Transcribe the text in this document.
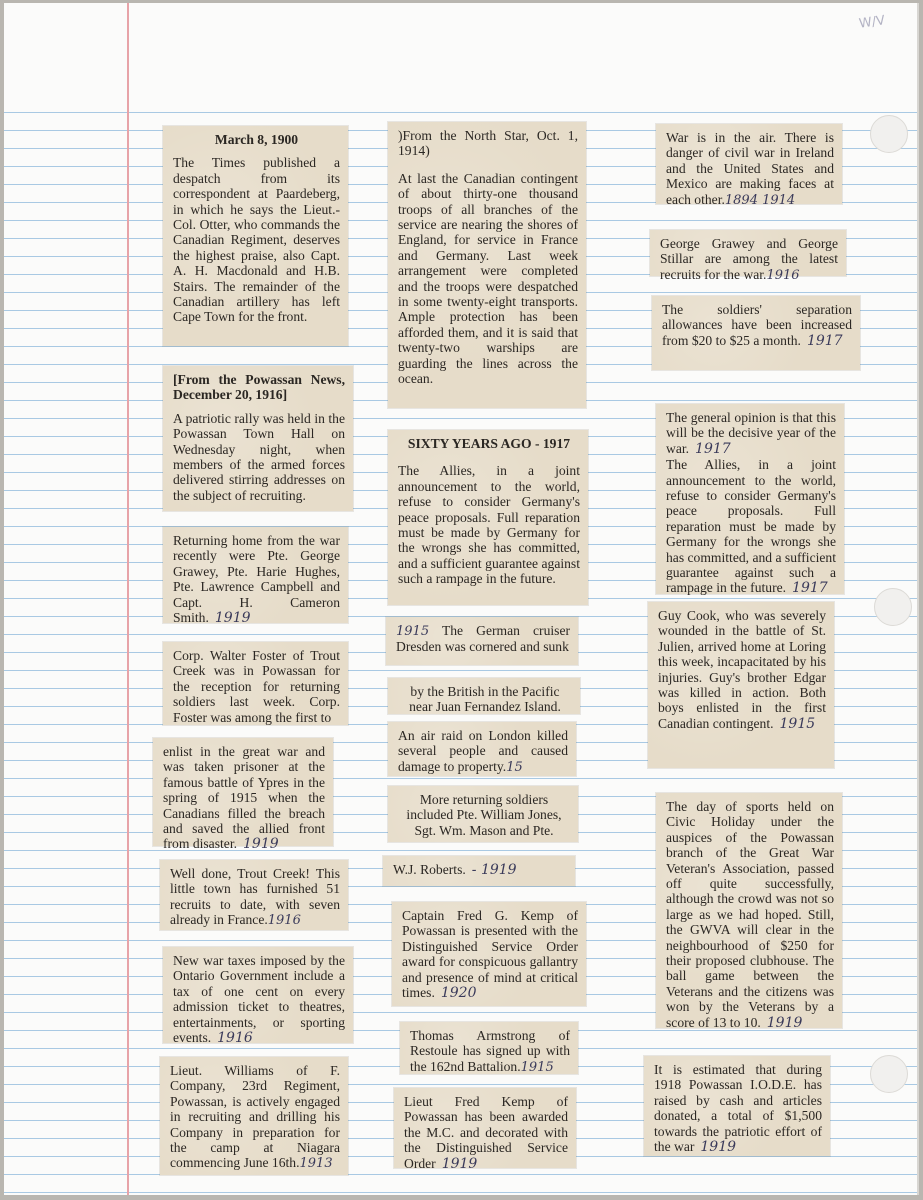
W/V

March 8, 1900

The Times published a despatch from its correspondent at Paardeberg, in which he says the Lieut.-Col. Otter, who commands the Canadian Regiment, deserves the highest praise, also Capt. A. H. Macdonald and H.B. Stairs. The remainder of the Canadian artillery has left Cape Town for the front.

[From the Powassan News, December 20, 1916]

A patriotic rally was held in the Powassan Town Hall on Wednesday night, when members of the armed forces delivered stirring addresses on the subject of recruiting.

Returning home from the war recently were Pte. George Grawey, Pte. Harie Hughes, Pte. Lawrence Campbell and Capt. H. Cameron Smith. 1919

Corp. Walter Foster of Trout Creek was in Powassan for the reception for returning soldiers last week. Corp. Foster was among the first to

enlist in the great war and was taken prisoner at the famous battle of Ypres in the spring of 1915 when the Canadians filled the breach and saved the allied front from disaster. 1919

Well done, Trout Creek! This little town has furnished 51 recruits to date, with seven already in France.1916

New war taxes imposed by the Ontario Government include a tax of one cent on every admission ticket to theatres, entertainments, or sporting events. 1916

Lieut. Williams of F. Company, 23rd Regiment, Powassan, is actively engaged in recruiting and drilling his Company in preparation for the camp at Niagara commencing June 16th.1913

)From the North Star, Oct. 1, 1914)

At last the Canadian contingent of about thirty-one thousand troops of all branches of the service are nearing the shores of England, for service in France and Germany. Last week arrangement were completed and the troops were despatched in some twenty-eight transports. Ample protection has been afforded them, and it is said that twenty-two warships are guarding the lines across the ocean.

SIXTY YEARS AGO - 1917

The Allies, in a joint announcement to the world, refuse to consider Germany's peace proposals. Full reparation must be made by Germany for the wrongs she has committed, and a sufficient guarantee against such a rampage in the future.

1915 The German cruiser Dresden was cornered and sunk

by the British in the Pacific near Juan Fernandez Island.

An air raid on London killed several people and caused damage to property.15

More returning soldiers included Pte. William Jones, Sgt. Wm. Mason and Pte.

W.J. Roberts. - 1919

Captain Fred G. Kemp of Powassan is presented with the Distinguished Service Order award for conspicuous gallantry and presence of mind at critical times. 1920

Thomas Armstrong of Restoule has signed up with the 162nd Battalion.1915

Lieut Fred Kemp of Powassan has been awarded the M.C. and decorated with the Distinguished Service Order 1919

War is in the air. There is danger of civil war in Ireland and the United States and Mexico are making faces at each other.1894 1914

George Grawey and George Stillar are among the latest recruits for the war.1916

The soldiers' separation allowances have been increased from $20 to $25 a month. 1917

The general opinion is that this will be the decisive year of the war. 1917

The Allies, in a joint announcement to the world, refuse to consider Germany's peace proposals. Full reparation must be made by Germany for the wrongs she has committed, and a sufficient guarantee against such a rampage in the future. 1917

Guy Cook, who was severely wounded in the battle of St. Julien, arrived home at Loring this week, incapacitated by his injuries. Guy's brother Edgar was killed in action. Both boys enlisted in the first Canadian contingent. 1915

The day of sports held on Civic Holiday under the auspices of the Powassan branch of the Great War Veteran's Association, passed off quite successfully, although the crowd was not so large as we had hoped. Still, the GWVA will clear in the neighbourhood of $250 for their proposed clubhouse. The ball game between the Veterans and the citizens was won by the Veterans by a score of 13 to 10. 1919

It is estimated that during 1918 Powassan I.O.D.E. has raised by cash and articles donated, a total of $1,500 towards the patriotic effort of the war 1919
